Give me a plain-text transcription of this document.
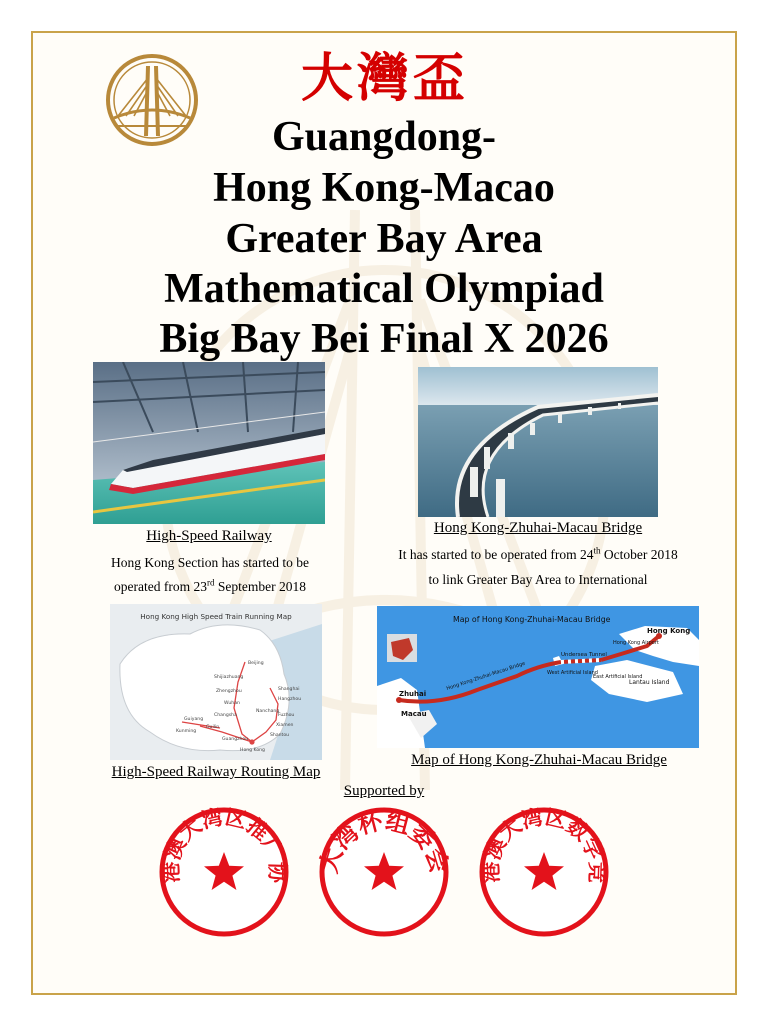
大灣盃
Guangdong-
Hong Kong-Macao
Greater Bay Area
Mathematical Olympiad
Big Bay Bei Final X 2026
High-Speed Railway
Hong Kong Section has started to be
operated from 23rd September 2018
Hong Kong-Zhuhai-Macau Bridge
It has started to be operated from 24th October 2018
to link Greater Bay Area to International
Hong Kong High Speed Train Running Map
Beijing
Shijiazhuang
Zhengzhou
Wuhan
Changsha
Guiyang
Kunming
Guilin
Guangzhou
Shanghai
Hangzhou
Nanchang
Fuzhou
Xiamen
Shantou
Hong Kong
High-Speed Railway Routing Map
Map of Hong Kong-Zhuhai-Macau Bridge
Hong Kong
Hong Kong Airport
Lantau Island
Undersea Tunnel
West Artificial Island
East Artificial Island
Zhuhai
Macau
Hong Kong-Zhuhai-Macau Bridge
Map of Hong Kong-Zhuhai-Macau Bridge
Supported by
港澳大湾区推广协
湾杯组委
港澳大湾区数学竞
